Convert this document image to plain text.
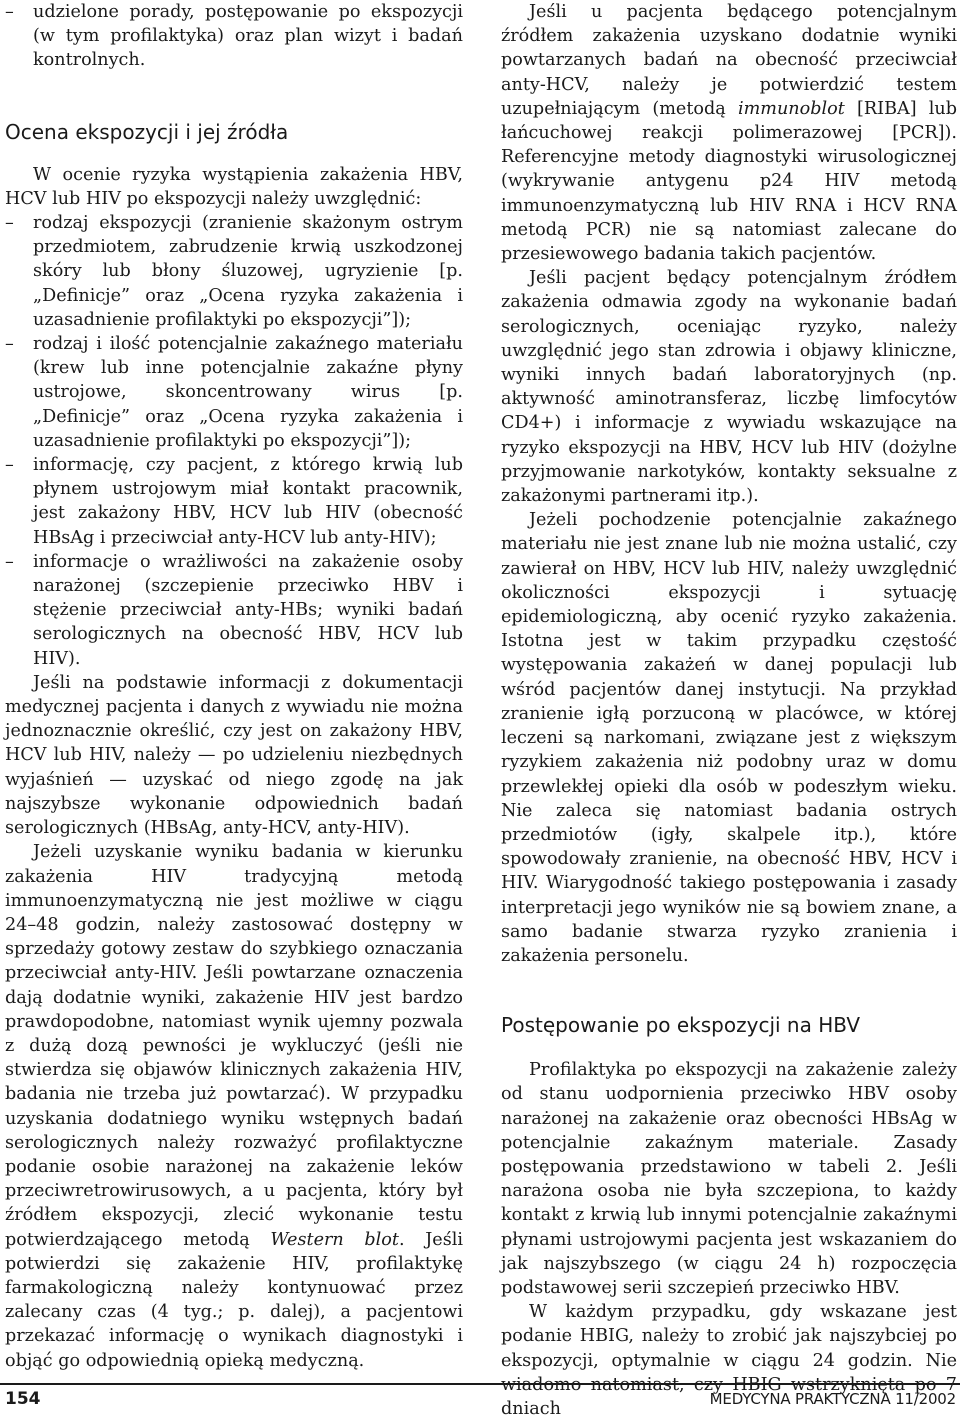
– udzielone porady, postępowanie po ekspozycji (w tym profilaktyka) oraz plan wizyt i badań kontrolnych.
Ocena ekspozycji i jej źródła

W ocenie ryzyka wystąpienia zakażenia HBV, HCV lub HIV po ekspozycji należy uwzględnić:

– rodzaj ekspozycji (zranienie skażonym ostrym przedmiotem, zabrudzenie krwią uszkodzonej skóry lub błony śluzowej, ugryzienie [p. „Definicje” oraz „Ocena ryzyka zakażenia i uzasadnienie profilaktyki po ekspozycji”]);
– rodzaj i ilość potencjalnie zakaźnego materiału (krew lub inne potencjalnie zakaźne płyny ustrojowe, skoncentrowany wirus [p. „Definicje” oraz „Ocena ryzyka zakażenia i uzasadnienie profilaktyki po ekspozycji”]);
– informację, czy pacjent, z którego krwią lub płynem ustrojowym miał kontakt pracownik, jest zakażony HBV, HCV lub HIV (obecność HBsAg i przeciwciał anty-HCV lub anty-HIV);
– informacje o wrażliwości na zakażenie osoby narażonej (szczepienie przeciwko HBV i stężenie przeciwciał anty-HBs; wyniki badań serologicznych na obecność HBV, HCV lub HIV).

Jeśli na podstawie informacji z dokumentacji medycznej pacjenta i danych z wywiadu nie można jednoznacznie określić, czy jest on zakażony HBV, HCV lub HIV, należy — po udzieleniu niezbędnych wyjaśnień — uzyskać od niego zgodę na jak najszybsze wykonanie odpowiednich badań serologicznych (HBsAg, anty-HCV, anty-HIV).

Jeżeli uzyskanie wyniku badania w kierunku zakażenia HIV tradycyjną metodą immunoenzymatyczną nie jest możliwe w ciągu 24–48 godzin, należy zastosować dostępny w sprzedaży gotowy zestaw do szybkiego oznaczania przeciwciał anty-HIV. Jeśli powtarzane oznaczenia dają dodatnie wyniki, zakażenie HIV jest bardzo prawdopodobne, natomiast wynik ujemny pozwala z dużą dozą pewności je wykluczyć (jeśli nie stwierdza się objawów klinicznych zakażenia HIV, badania nie trzeba już powtarzać). W przypadku uzyskania dodatniego wyniku wstępnych badań serologicznych należy rozważyć profilaktyczne podanie osobie narażonej na zakażenie leków przeciwretrowirusowych, a u pacjenta, który był źródłem ekspozycji, zlecić wykonanie testu potwierdzającego metodą Western blot. Jeśli potwierdzi się zakażenie HIV, profilaktykę farmakologiczną należy kontynuować przez zalecany czas (4 tyg.; p. dalej), a pacjentowi przekazać informację o wynikach diagnostyki i objąć go odpowiednią opieką medyczną.

Jeśli u pacjenta będącego potencjalnym źródłem zakażenia uzyskano dodatnie wyniki powtarzanych badań na obecność przeciwciał anty-HCV, należy je potwierdzić testem uzupełniającym (metodą immunoblot [RIBA] lub łańcuchowej reakcji polimerazowej [PCR]). Referencyjne metody diagnostyki wirusologicznej (wykrywanie antygenu p24 HIV metodą immunoenzymatyczną lub HIV RNA i HCV RNA metodą PCR) nie są natomiast zalecane do przesiewowego badania takich pacjentów.

Jeśli pacjent będący potencjalnym źródłem zakażenia odmawia zgody na wykonanie badań serologicznych, oceniając ryzyko, należy uwzględnić jego stan zdrowia i objawy kliniczne, wyniki innych badań laboratoryjnych (np. aktywność aminotransferaz, liczbę limfocytów CD4+) i informacje z wywiadu wskazujące na ryzyko ekspozycji na HBV, HCV lub HIV (dożylne przyjmowanie narkotyków, kontakty seksualne z zakażonymi partnerami itp.).

Jeżeli pochodzenie potencjalnie zakaźnego materiału nie jest znane lub nie można ustalić, czy zawierał on HBV, HCV lub HIV, należy uwzględnić okoliczności ekspozycji i sytuację epidemiologiczną, aby ocenić ryzyko zakażenia. Istotna jest w takim przypadku częstość występowania zakażeń w danej populacji lub wśród pacjentów danej instytucji. Na przykład zranienie igłą porzuconą w placówce, w której leczeni są narkomani, związane jest z większym ryzykiem zakażenia niż podobny uraz w domu przewlekłej opieki dla osób w podeszłym wieku. Nie zaleca się natomiast badania ostrych przedmiotów (igły, skalpele itp.), które spowodowały zranienie, na obecność HBV, HCV i HIV. Wiarygodność takiego postępowania i zasady interpretacji jego wyników nie są bowiem znane, a samo badanie stwarza ryzyko zranienia i zakażenia personelu.

Postępowanie po ekspozycji na HBV

Profilaktyka po ekspozycji na zakażenie zależy od stanu uodpornienia przeciwko HBV osoby narażonej na zakażenie oraz obecności HBsAg w potencjalnie zakaźnym materiale. Zasady postępowania przedstawiono w tabeli 2. Jeśli narażona osoba nie była szczepiona, to każdy kontakt z krwią lub innymi potencjalnie zakaźnymi płynami ustrojowymi pacjenta jest wskazaniem do jak najszybszego (w ciągu 24 h) rozpoczęcia podstawowej serii szczepień przeciwko HBV.

W każdym przypadku, gdy wskazane jest podanie HBIG, należy to zrobić jak najszybciej po ekspozycji, optymalnie w ciągu 24 godzin. Nie dniach

154	MEDYCYNA PRAKTYCZNA 11/2002
